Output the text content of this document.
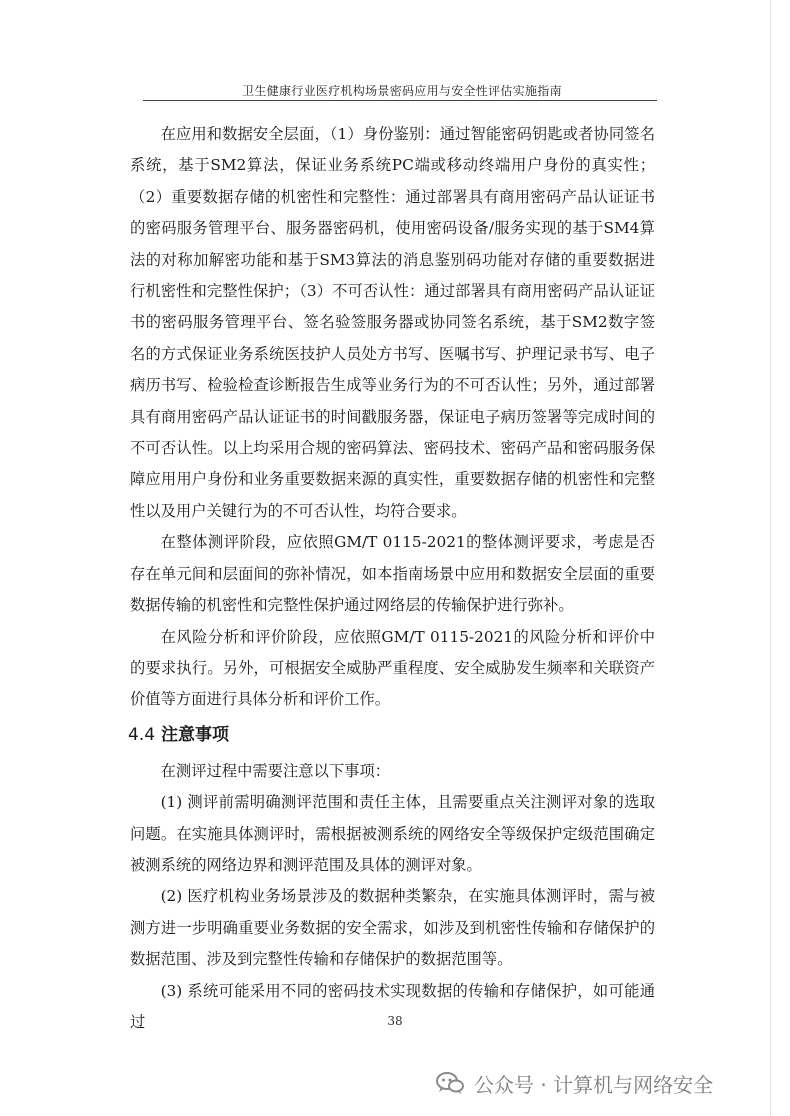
卫生健康行业医疗机构场景密码应用与安全性评估实施指南

在应用和数据安全层面，（1）身份鉴别：通过智能密码钥匙或者协同签名系统，基于SM2算法，保证业务系统PC端或移动终端用户身份的真实性；（2）重要数据存储的机密性和完整性：通过部署具有商用密码产品认证证书的密码服务管理平台、服务器密码机，使用密码设备/服务实现的基于SM4算法的对称加解密功能和基于SM3算法的消息鉴别码功能对存储的重要数据进行机密性和完整性保护；（3）不可否认性：通过部署具有商用密码产品认证证书的密码服务管理平台、签名验签服务器或协同签名系统，基于SM2数字签名的方式保证业务系统医技护人员处方书写、医嘱书写、护理记录书写、电子病历书写、检验检查诊断报告生成等业务行为的不可否认性；另外，通过部署具有商用密码产品认证证书的时间戳服务器，保证电子病历签署等完成时间的不可否认性。以上均采用合规的密码算法、密码技术、密码产品和密码服务保障应用用户身份和业务重要数据来源的真实性，重要数据存储的机密性和完整性以及用户关键行为的不可否认性，均符合要求。

在整体测评阶段，应依照GM/T 0115-2021的整体测评要求，考虑是否存在单元间和层面间的弥补情况，如本指南场景中应用和数据安全层面的重要数据传输的机密性和完整性保护通过网络层的传输保护进行弥补。

在风险分析和评价阶段，应依照GM/T 0115-2021的风险分析和评价中的要求执行。另外，可根据安全威胁严重程度、安全威胁发生频率和关联资产价值等方面进行具体分析和评价工作。

4.4 注意事项

在测评过程中需要注意以下事项：

(1) 测评前需明确测评范围和责任主体，且需要重点关注测评对象的选取问题。在实施具体测评时，需根据被测系统的网络安全等级保护定级范围确定被测系统的网络边界和测评范围及具体的测评对象。

(2) 医疗机构业务场景涉及的数据种类繁杂，在实施具体测评时，需与被测方进一步明确重要业务数据的安全需求，如涉及到机密性传输和存储保护的数据范围、涉及到完整性传输和存储保护的数据范围等。

(3) 系统可能采用不同的密码技术实现数据的传输和存储保护，如可能通过	38
公众号 · 计算机与网络安全
